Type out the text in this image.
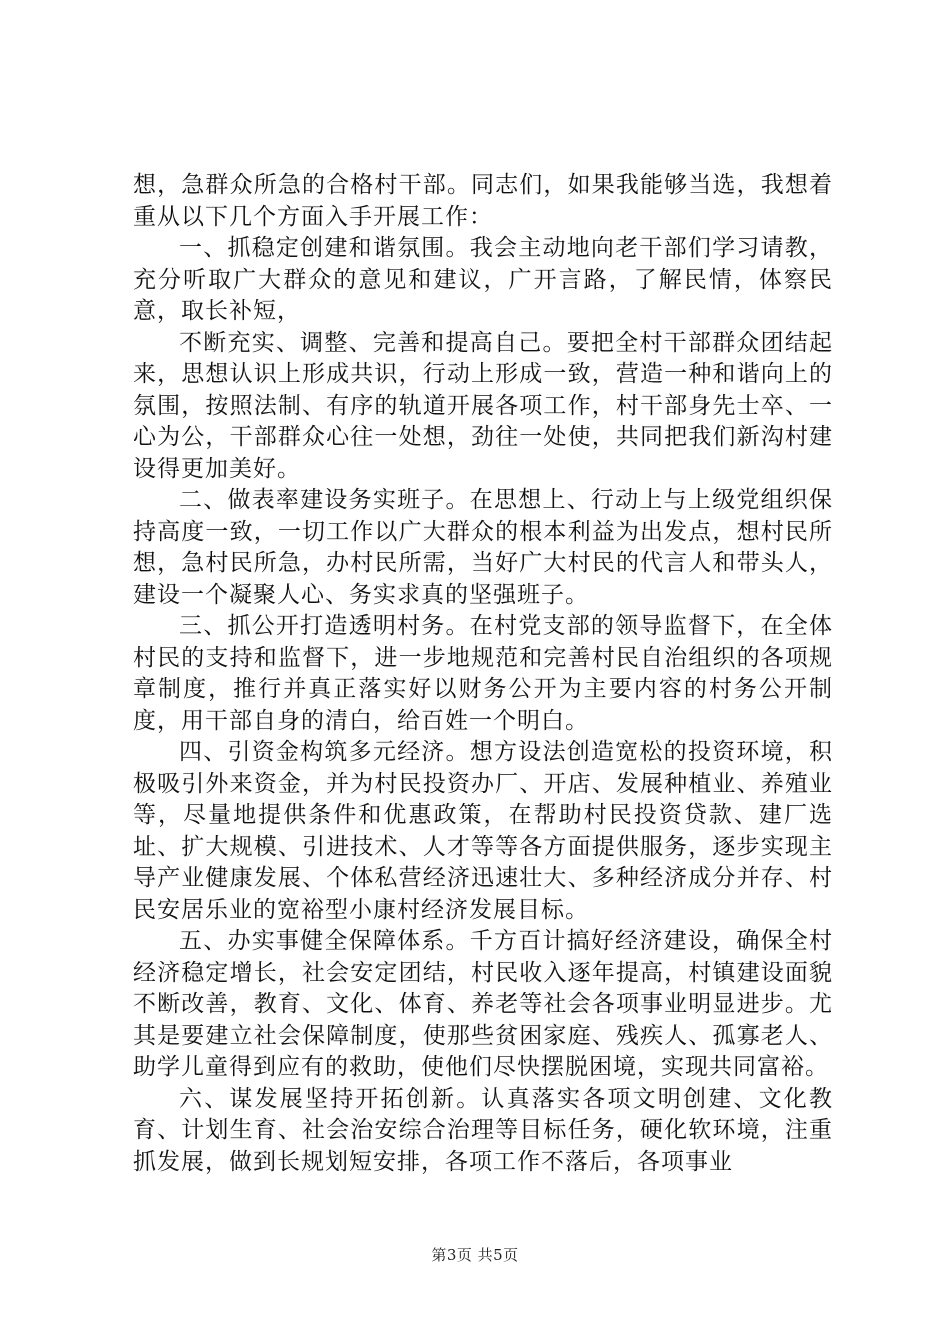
想，急群众所急的合格村干部。同志们，如果我能够当选，我想着重从以下几个方面入手开展工作：

一、抓稳定创建和谐氛围。我会主动地向老干部们学习请教，充分听取广大群众的意见和建议，广开言路，了解民情，体察民意，取长补短，

不断充实、调整、完善和提高自己。要把全村干部群众团结起来，思想认识上形成共识，行动上形成一致，营造一种和谐向上的氛围，按照法制、有序的轨道开展各项工作，村干部身先士卒、一心为公，干部群众心往一处想，劲往一处使，共同把我们新沟村建设得更加美好。

二、做表率建设务实班子。在思想上、行动上与上级党组织保持高度一致，一切工作以广大群众的根本利益为出发点，想村民所想，急村民所急，办村民所需，当好广大村民的代言人和带头人，建设一个凝聚人心、务实求真的坚强班子。

三、抓公开打造透明村务。在村党支部的领导监督下，在全体村民的支持和监督下，进一步地规范和完善村民自治组织的各项规章制度，推行并真正落实好以财务公开为主要内容的村务公开制度，用干部自身的清白，给百姓一个明白。

四、引资金构筑多元经济。想方设法创造宽松的投资环境，积极吸引外来资金，并为村民投资办厂、开店、发展种植业、养殖业等，尽量地提供条件和优惠政策，在帮助村民投资贷款、建厂选址、扩大规模、引进技术、人才等等各方面提供服务，逐步实现主导产业健康发展、个体私营经济迅速壮大、多种经济成分并存、村民安居乐业的宽裕型小康村经济发展目标。

五、办实事健全保障体系。千方百计搞好经济建设，确保全村经济稳定增长，社会安定团结，村民收入逐年提高，村镇建设面貌不断改善，教育、文化、体育、养老等社会各项事业明显进步。尤其是要建立社会保障制度，使那些贫困家庭、残疾人、孤寡老人、助学儿童得到应有的救助，使他们尽快摆脱困境，实现共同富裕。

六、谋发展坚持开拓创新。认真落实各项文明创建、文化教育、计划生育、社会治安综合治理等目标任务，硬化软环境，注重抓发展，做到长规划短安排，各项工作不落后，各项事业

第3页 共5页
